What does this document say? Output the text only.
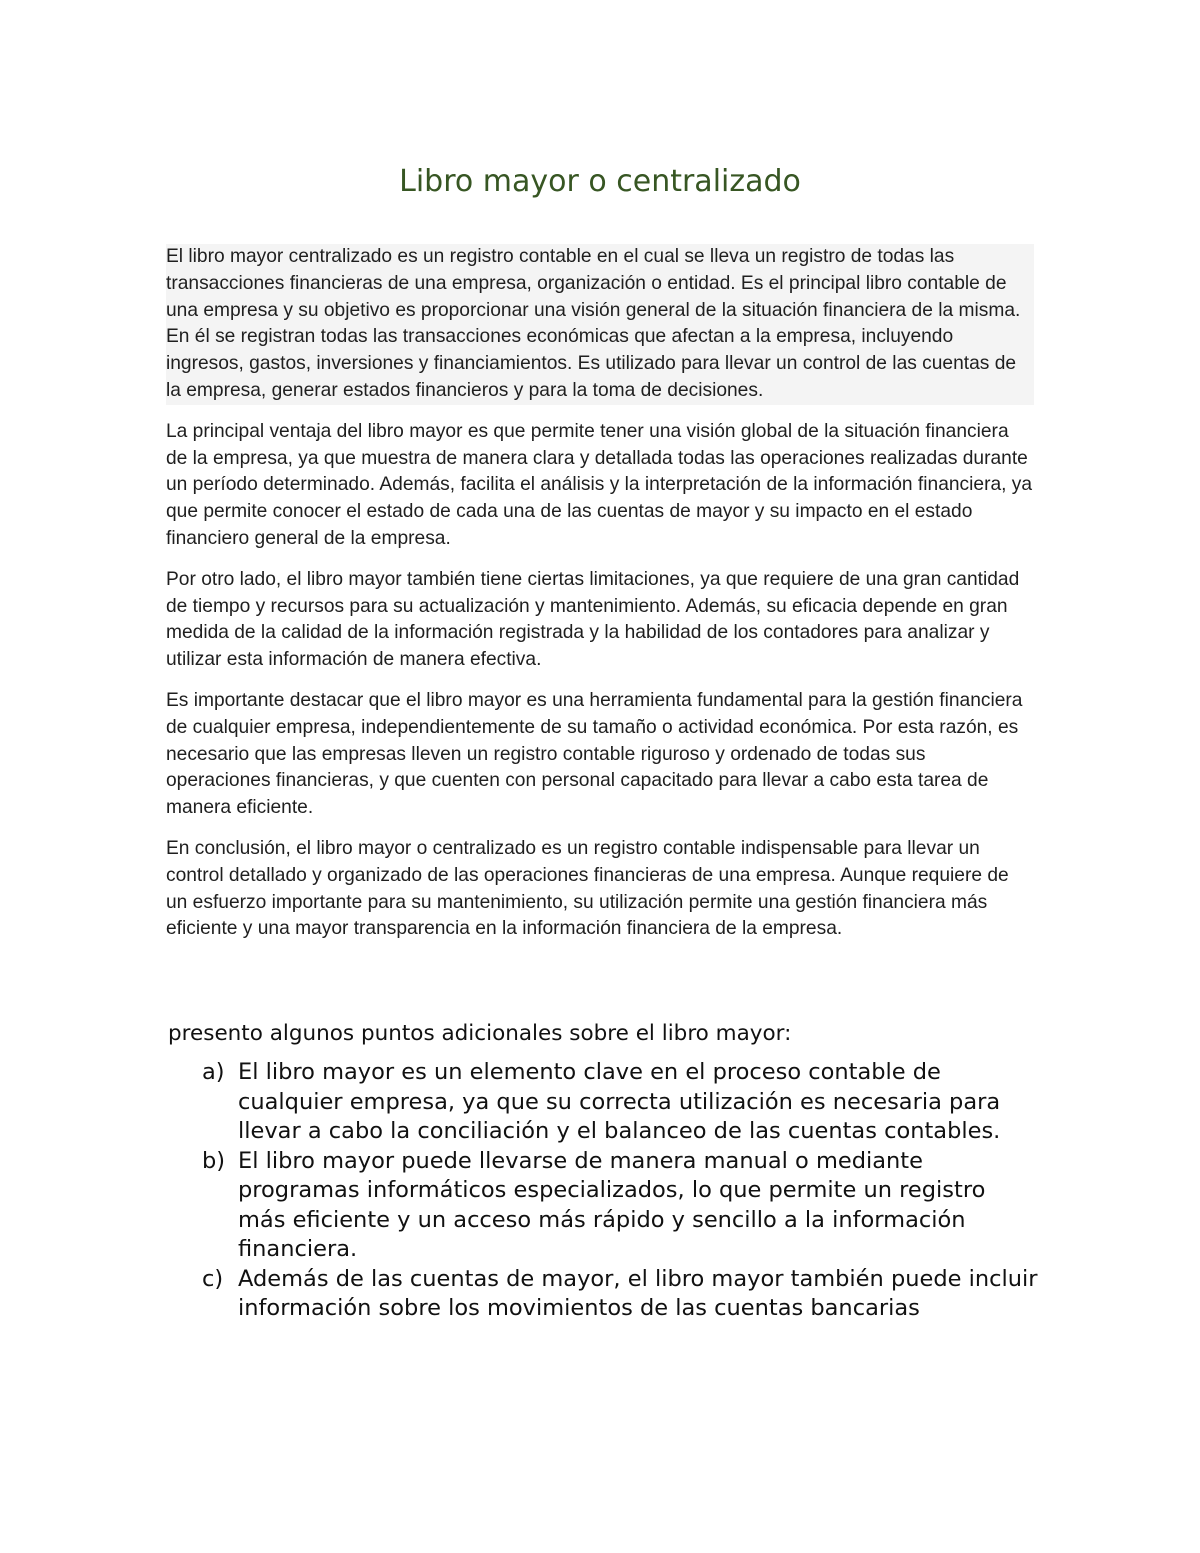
Libro mayor o centralizado

El libro mayor centralizado es un registro contable en el cual se lleva un registro de todas las transacciones financieras de una empresa, organización o entidad. Es el principal libro contable de una empresa y su objetivo es proporcionar una visión general de la situación financiera de la misma. En él se registran todas las transacciones económicas que afectan a la empresa, incluyendo ingresos, gastos, inversiones y financiamientos. Es utilizado para llevar un control de las cuentas de la empresa, generar estados financieros y para la toma de decisiones.

La principal ventaja del libro mayor es que permite tener una visión global de la situación financiera de la empresa, ya que muestra de manera clara y detallada todas las operaciones realizadas durante un período determinado. Además, facilita el análisis y la interpretación de la información financiera, ya que permite conocer el estado de cada una de las cuentas de mayor y su impacto en el estado financiero general de la empresa.

Por otro lado, el libro mayor también tiene ciertas limitaciones, ya que requiere de una gran cantidad de tiempo y recursos para su actualización y mantenimiento. Además, su eficacia depende en gran medida de la calidad de la información registrada y la habilidad de los contadores para analizar y utilizar esta información de manera efectiva.

Es importante destacar que el libro mayor es una herramienta fundamental para la gestión financiera de cualquier empresa, independientemente de su tamaño o actividad económica. Por esta razón, es necesario que las empresas lleven un registro contable riguroso y ordenado de todas sus operaciones financieras, y que cuenten con personal capacitado para llevar a cabo esta tarea de manera eficiente.

En conclusión, el libro mayor o centralizado es un registro contable indispensable para llevar un control detallado y organizado de las operaciones financieras de una empresa. Aunque requiere de un esfuerzo importante para su mantenimiento, su utilización permite una gestión financiera más eficiente y una mayor transparencia en la información financiera de la empresa.

presento algunos puntos adicionales sobre el libro mayor:
a) El libro mayor es un elemento clave en el proceso contable de cualquier empresa, ya que su correcta utilización es necesaria para llevar a cabo la conciliación y el balanceo de las cuentas contables.
b) El libro mayor puede llevarse de manera manual o mediante programas informáticos especializados, lo que permite un registro más eficiente y un acceso más rápido y sencillo a la información financiera.
c) Además de las cuentas de mayor, el libro mayor también puede incluir información sobre los movimientos de las cuentas bancarias
